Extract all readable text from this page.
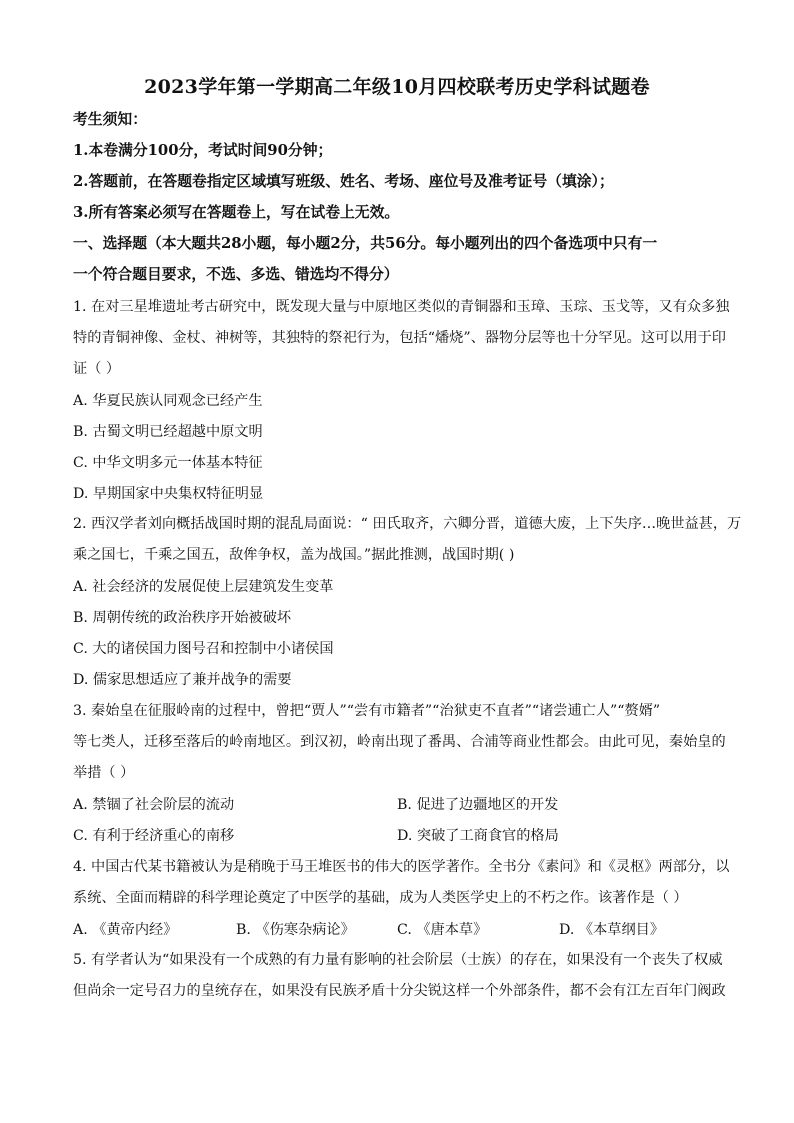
2023学年第一学期高二年级10月四校联考历史学科试题卷
考生须知：
1.本卷满分100分，考试时间90分钟；
2.答题前，在答题卷指定区域填写班级、姓名、考场、座位号及准考证号（填涂）；
3.所有答案必须写在答题卷上，写在试卷上无效。
一、选择题（本大题共28小题，每小题2分，共56分。每小题列出的四个备选项中只有一
一个符合题目要求，不选、多选、错选均不得分）
1. 在对三星堆遗址考古研究中，既发现大量与中原地区类似的青铜器和玉璋、玉琮、玉戈等，又有众多独
特的青铜神像、金杖、神树等，其独特的祭祀行为，包括“燔烧”、器物分层等也十分罕见。这可以用于印
证（ ）
A. 华夏民族认同观念已经产生
B. 古蜀文明已经超越中原文明
C. 中华文明多元一体基本特征
D. 早期国家中央集权特征明显
2. 西汉学者刘向概括战国时期的混乱局面说：“ 田氏取齐，六卿分晋，道德大废，上下失序…晚世益甚，万
乘之国七，千乘之国五，敌侔争权，盖为战国。”据此推测，战国时期( )
A. 社会经济的发展促使上层建筑发生变革
B. 周朝传统的政治秩序开始被破坏
C. 大的诸侯国力图号召和控制中小诸侯国
D. 儒家思想适应了兼并战争的需要
3. 秦始皇在征服岭南的过程中，曾把“贾人”“尝有市籍者”“治狱吏不直者”“诸尝逋亡人”“赘婿”
等七类人，迁移至落后的岭南地区。到汉初，岭南出现了番禺、合浦等商业性都会。由此可见，秦始皇的
举措（ ）
A. 禁锢了社会阶层的流动	B. 促进了边疆地区的开发
C. 有利于经济重心的南移	D. 突破了工商食官的格局
4. 中国古代某书籍被认为是稍晚于马王堆医书的伟大的医学著作。全书分《素问》和《灵枢》两部分，以
系统、全面而精辟的科学理论奠定了中医学的基础，成为人类医学史上的不朽之作。该著作是（ ）
A. 《黄帝内经》	B. 《伤寒杂病论》	C. 《唐本草》	D. 《本草纲目》
5. 有学者认为“如果没有一个成熟的有力量有影响的社会阶层（士族）的存在，如果没有一个丧失了权威
但尚余一定号召力的皇统存在，如果没有民族矛盾十分尖锐这样一个外部条件，都不会有江左百年门阀政
